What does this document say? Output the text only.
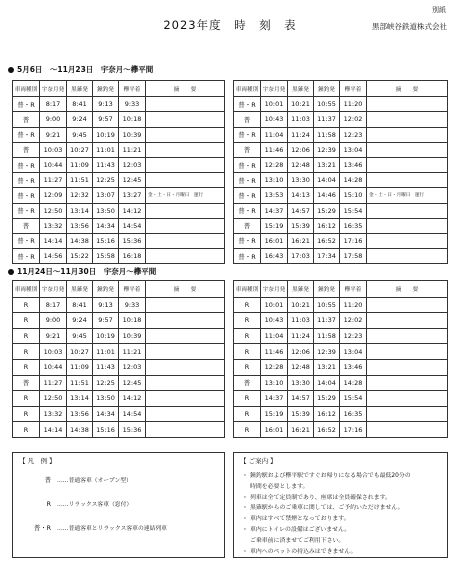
別紙
2023年度　時　刻　表	黒部峡谷鉄道株式会社
5月6日　～11月23日　宇奈月～欅平間
車両種別	宇奈月発	黒薙発	鐘釣発	欅平着	摘　　要
普・R	8:17	8:41	9:13	9:33	
普	9:00	9:24	9:57	10:18	
普・R	9:21	9:45	10:19	10:39	
普	10:03	10:27	11:01	11:21	
普・R	10:44	11:09	11:43	12:03	
普・R	11:27	11:51	12:25	12:45	
普・R	12:09	12:32	13:07	13:27	金・土・日・月曜日　運行
普・R	12:50	13:14	13:50	14:12	
普	13:32	13:56	14:34	14:54	
普・R	14:14	14:38	15:16	15:36	
普・R	14:56	15:22	15:58	16:18	
車両種別	宇奈月発	黒薙発	鐘釣発	欅平着	摘　　要
普・R	10:01	10:21	10:55	11:20	
普	10:43	11:03	11:37	12:02	
普・R	11:04	11:24	11:58	12:23	
普	11:46	12:06	12:39	13:04	
普・R	12:28	12:48	13:21	13:46	
普・R	13:10	13:30	14:04	14:28	
普・R	13:53	14:13	14:46	15:10	金・土・日・月曜日　運行
普・R	14:37	14:57	15:29	15:54	
普	15:19	15:39	16:12	16:35	
普・R	16:01	16:21	16:52	17:16	
普・R	16:43	17:03	17:34	17:58	
11月24日～11月30日　宇奈月～欅平間
車両種別	宇奈月発	黒薙発	鐘釣発	欅平着	摘　　要
R	8:17	8:41	9:13	9:33	
R	9:00	9:24	9:57	10:18	
R	9:21	9:45	10:19	10:39	
R	10:03	10:27	11:01	11:21	
R	10:44	11:09	11:43	12:03	
普	11:27	11:51	12:25	12:45	
R	12:50	13:14	13:50	14:12	
R	13:32	13:56	14:34	14:54	
R	14:14	14:38	15:16	15:36	
車両種別	宇奈月発	黒薙発	鐘釣発	欅平着	摘　　要
R	10:01	10:21	10:55	11:20	
R	10:43	11:03	11:37	12:02	
R	11:04	11:24	11:58	12:23	
R	11:46	12:06	12:39	13:04	
R	12:28	12:48	13:21	13:46	
普	13:10	13:30	14:04	14:28	
R	14:37	14:57	15:29	15:54	
R	15:19	15:39	16:12	16:35	
R	16:01	16:21	16:52	17:16	
【 凡　例 】
普 ……普通客車（オープン型）
R ……リラックス客車（窓付）
普・R ……普通客車とリラックス客車の連結列車
【 ご案内 】
・ 鐘釣駅および欅平駅ですぐお帰りになる場合でも最低20分の
時間を必要とします。
・ 列車は全て定員制であり、座席は全員確保されます。
・ 黒薙駅からのご乗車に関しては、ご予約いただけません。
・ 車内はすべて禁煙となっております。
・ 車内にトイレの設備はございません。
ご乗車前に済ませてご利用下さい。
・ 車内へのペットの持込みはできません。
